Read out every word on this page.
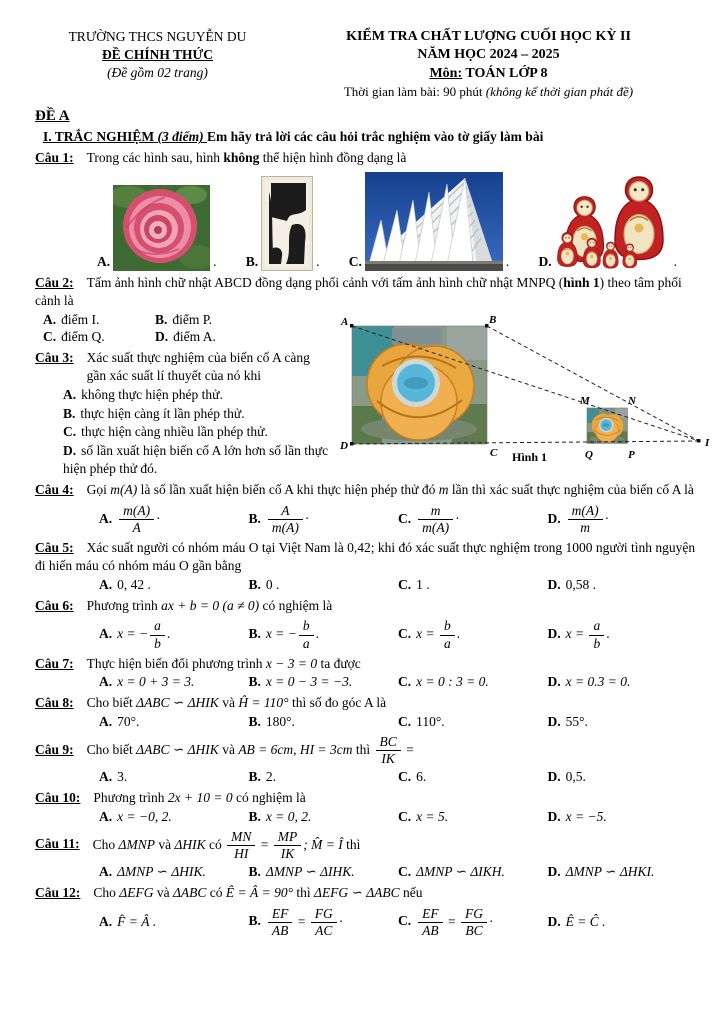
TRƯỜNG THCS NGUYỄN DU
ĐỀ CHÍNH THỨC
(Đề gồm 02 trang)
KIỂM TRA CHẤT LƯỢNG CUỐI HỌC KỲ II
NĂM HỌC 2024 – 2025
Môn: TOÁN LỚP 8
Thời gian làm bài: 90 phút (không kể thời gian phát đề)
ĐỀ A
I. TRẮC NGHIỆM (3 điểm) Em hãy trả lời các câu hỏi trắc nghiệm vào tờ giấy làm bài
Câu 1: Trong các hình sau, hình không thể hiện hình đồng dạng là
A.	. B.	. C.	. D.	.
Câu 2: Tấm ảnh hình chữ nhật ABCD đồng dạng phối cảnh với tấm ảnh hình chữ nhật MNPQ (hình 1) theo tâm phối cảnh là
A. điểm I.	B. điểm P.
C. điểm Q.	D. điểm A.
Câu 3: Xác suất thực nghiệm của biến cố A càng gần xác suất lí thuyết của nó khi
A. không thực hiện phép thử.
B. thực hiện càng ít lần phép thử.
C. thực hiện càng nhiều lần phép thử.
D. số lần xuất hiện biến cố A lớn hơn số lần thực hiện phép thử đó.
A	B
D
C
M	N
Q	P
I
Hình 1
Câu 4: Gọi m(A) là số lần xuất hiện biến cố A khi thực hiện phép thử đó m lần thì xác suất thực nghiệm của biến cố A là
A. $\frac{m(A)}{A}$ ·	B. $\frac{A}{m(A)}$ ·	C. $\frac{m}{m(A)}$ ·	D. $\frac{m(A)}{m}$ ·
Câu 5: Xác suất người có nhóm máu O tại Việt Nam là 0,42; khi đó xác suất thực nghiệm trong 1000 người tình nguyện đi hiến máu có nhóm máu O gần bằng
A. 0, 42 .	B. 0 .	C. 1 .	D. 0,58 .
Câu 6: Phương trình ax + b = 0 (a ≠ 0) có nghiệm là
A. x = − $\frac{a}{b}$ .	B. x = − $\frac{b}{a}$ .	C. $x = \frac{b}{a}$ .	D. $x = \frac{a}{b}$ .
Câu 7: Thực hiện biến đổi phương trình x − 3 = 0 ta được
A. x = 0 + 3 = 3.	B. x = 0 − 3 = −3.	C. x = 0 : 3 = 0.	D. x = 0.3 = 0.
Câu 8: Cho biết ΔABC ∽ ΔHIK và Ĥ = 110° thì số đo góc A là
A. 70°.	B. 180°.	C. 110°.	D. 55°.
Câu 9: Cho biết ΔABC ∽ ΔHIK và AB = 6cm, HI = 3cm thì $\frac{BC}{IK}$ =
A. 3.	B. 2.	C. 6.	D. 0,5.
Câu 10: Phương trình 2x + 10 = 0 có nghiệm là
A. x = −0, 2.	B. x = 0, 2.	C. x = 5.	D. x = −5.
Câu 11: Cho ΔMNP và ΔHIK có $\frac{MN}{HI} = \frac{MP}{IK}$ ; M̂ = Î thì
A. ΔMNP ∽ ΔHIK.	B. ΔMNP ∽ ΔIHK.	C. ΔMNP ∽ ΔIKH.	D. ΔMNP ∽ ΔHKI.
Câu 12: Cho ΔEFG và ΔABC có Ê = Â = 90° thì ΔEFG ∽ ΔABC nếu
A. F̂ = Â .	B. $\frac{EF}{AB} = \frac{FG}{AC}$ ·	C. $\frac{EF}{AB} = \frac{FG}{BC}$ ·	D. Ê = Ĉ .
